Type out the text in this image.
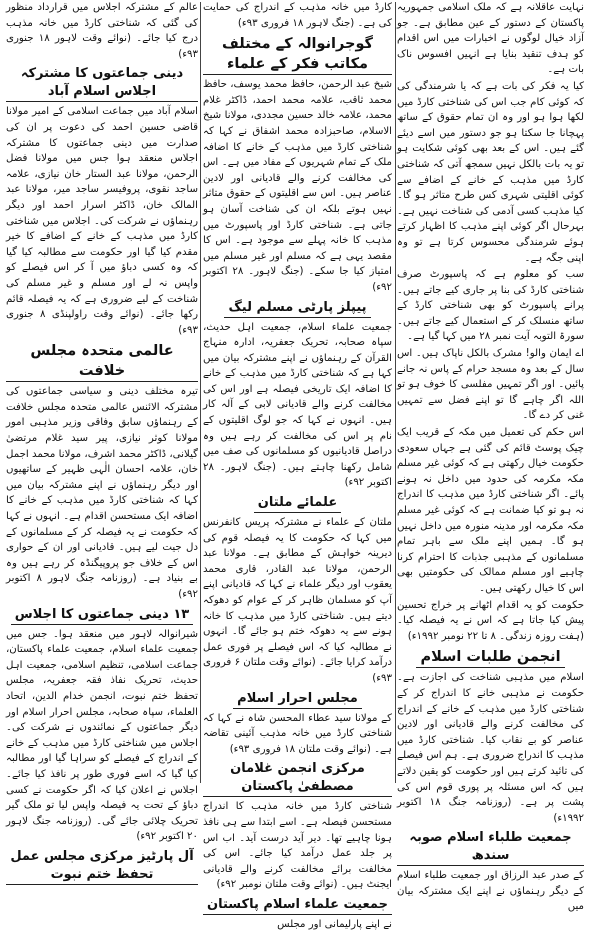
نہایت عاقلانہ ہے کہ ملک اسلامی جمہوریہ پاکستان کے دستور کے عین مطابق ہے۔ جو آزاد خیال لوگوں نے اخبارات میں اس اقدام کو ہدف تنقید بنایا ہے انہیں افسوس ناک بات ہے۔

کیا یہ فکر کی بات ہے کہ یا شرمندگی کی کہ کوئی کام جب اس کی شناختی کارڈ میں لکھا ہوا ہو اور وہ ان تمام حقوق کے ساتھ پہچانا جا سکتا ہو جو دستور میں اسے دیئے گئے ہیں۔ اس کے بعد بھی کوئی شکایت ہو تو یہ بات بالکل نہیں سمجھ آتی کہ شناختی کارڈ میں مذہب کے خانے کے اضافے سے کوئی اقلیتی شہری کس طرح متاثر ہو گا۔ کیا مذہب کسی آدمی کی شناخت نہیں ہے۔ بہرحال اگر کوئی اپنے مذہب کا اظہار کرتے ہوئے شرمندگی محسوس کرتا ہے تو وہ اپنی جگہ ہے۔

سب کو معلوم ہے کہ پاسپورٹ صرف شناختی کارڈ کی بنا پر جاری کیے جاتے ہیں۔ پرانے پاسپورٹ کو بھی شناختی کارڈ کے ساتھ منسلک کر کے استعمال کیے جاتے ہیں۔ سورۃ التوبہ آیت نمبر ۲۸ میں کہا گیا ہے۔

اے ایمان والو! مشرک بالکل ناپاک ہیں۔ اس سال کے بعد وہ مسجد حرام کے پاس نہ جانے پائیں۔ اور اگر تمہیں مفلسی کا خوف ہو تو اللہ اگر چاہے گا تو اپنے فضل سے تمہیں غنی کر دے گا۔

اس حکم کی تعمیل میں مکہ کے قریب ایک چیک پوسٹ قائم کی گئی ہے جہاں سعودی حکومت خیال رکھتی ہے کہ کوئی غیر مسلم مکہ مکرمہ کی حدود میں داخل نہ ہونے پائے۔ اگر شناختی کارڈ میں مذہب کا اندراج نہ ہو تو کیا ضمانت ہے کہ کوئی غیر مسلم مکہ مکرمہ اور مدینہ منورہ میں داخل نہیں ہو گا۔ ہمیں اپنے ملک سے باہر تمام مسلمانوں کے مذہبی جذبات کا احترام کرنا چاہیے اور مسلم ممالک کی حکومتیں بھی اس کا خیال رکھتی ہیں۔

حکومت کو یہ اقدام اٹھانے پر خراج تحسین پیش کیا جاتا ہے کہ اس نے یہ فیصلہ کیا۔ (ہفت روزہ زندگی۔ ۸ تا ۲۲ نومبر ۱۹۹۲ء)

انجمن طلبات اسلام

اسلام میں مذہبی شناخت کی اجازت ہے۔ حکومت نے مذہبی خانے کا اندراج کر کے شناختی کارڈ میں مذہب کے خانے کے اندراج کی مخالفت کرنے والے قادیانی اور لادین عناصر کو بے نقاب کیا۔ شناختی کارڈ میں مذہب کا اندراج ضروری ہے۔ ہم اس فیصلے کی تائید کرتے ہیں اور حکومت کو یقین دلاتے ہیں کہ اس مسئلہ پر پوری قوم اس کی پشت پر ہے۔ (روزنامہ جنگ ۱۸ اکتوبر ۱۹۹۲ء)

جمعیت طلباء اسلام صوبہ سندھ

کے صدر عبد الرزاق اور جمعیت طلباء اسلام کے دیگر رہنماؤں نے اپنے ایک مشترکہ بیان میں

کارڈ میں خانہ مذہب کے اندراج کی حمایت کی ہے۔ (جنگ لاہور ۱۸ فروری ۹۳ء)

گوجرانوالہ کے مختلف مکاتب فکر کے علماء

شیخ عبد الرحمن، حافظ محمد یوسف، حافظ محمد ثاقب، علامہ محمد احمد، ڈاکٹر غلام محمد، علامہ خالد حسین مجددی، مولانا شیخ الاسلام، صاحبزادہ محمد اشفاق نے کہا کہ شناختی کارڈ میں مذہب کے خانے کا اضافہ ملک کے تمام شہریوں کے مفاد میں ہے۔ اس کی مخالفت کرنے والے قادیانی اور لادین عناصر ہیں۔ اس سے اقلیتوں کے حقوق متاثر نہیں ہوتے بلکہ ان کی شناخت آسان ہو جاتی ہے۔ شناختی کارڈ اور پاسپورٹ میں مذہب کا خانہ پہلے سے موجود ہے۔ اس کا مقصد یہی ہے کہ مسلم اور غیر مسلم میں امتیاز کیا جا سکے۔ (جنگ لاہور۔ ۲۸ اکتوبر ۹۲ء)

پیپلز پارٹی مسلم لیگ

جمعیت علماء اسلام، جمعیت اہل حدیث، سپاہ صحابہ، تحریک جعفریہ، ادارہ منہاج القرآن کے رہنماؤں نے اپنے مشترکہ بیان میں کہا ہے کہ شناختی کارڈ میں مذہب کے خانے کا اضافہ ایک تاریخی فیصلہ ہے اور اس کی مخالفت کرنے والے قادیانی لابی کے آلہ کار ہیں۔ انہوں نے کہا کہ جو لوگ اقلیتوں کے نام پر اس کی مخالفت کر رہے ہیں وہ دراصل قادیانیوں کو مسلمانوں کی صف میں شامل رکھنا چاہتے ہیں۔ (جنگ لاہور۔ ۲۸ اکتوبر ۹۲ء)

علمائے ملتان

ملتان کے علماء نے مشترکہ پریس کانفرنس میں کہا کہ حکومت کا یہ فیصلہ قوم کی دیرینہ خواہش کے مطابق ہے۔ مولانا عبد الرحمن، مولانا عبد القادر، قاری محمد یعقوب اور دیگر علماء نے کہا کہ قادیانی اپنے آپ کو مسلمان ظاہر کر کے عوام کو دھوکہ دیتے ہیں۔ شناختی کارڈ میں مذہب کا خانہ ہونے سے یہ دھوکہ ختم ہو جائے گا۔ انہوں نے مطالبہ کیا کہ اس فیصلے پر فوری عمل درآمد کرایا جائے۔ (نوائے وقت ملتان ۶ فروری ۹۳ء)

مجلس احرار اسلام

کے مولانا سید عطاء المحسن شاہ نے کہا کہ شناختی کارڈ میں خانہ مذہب آئینی تقاضہ ہے۔ (نوائے وقت ملتان ۱۸ فروری ۹۳ء)

مرکزی انجمن غلامان مصطفیٰ پاکستان

شناختی کارڈ میں خانہ مذہب کا اندراج مستحسن فیصلہ ہے۔ اسے ابتدا سے ہی نافذ ہونا چاہیے تھا۔ دیر آید درست آید۔ اب اس پر جلد عمل درآمد کیا جائے۔ اس کی مخالفت برائے مخالفت کرنے والے قادیانی ایجنٹ ہیں۔ (نوائے وقت ملتان نومبر ۹۲ء)

جمعیت علماء اسلام پاکستان

نے اپنے پارلیمانی اور مجلس

عالم کے مشترکہ اجلاس میں قرارداد منظور کی گئی کہ شناختی کارڈ میں خانہ مذہب درج کیا جائے۔ (نوائے وقت لاہور ۱۸ جنوری ۹۳ء)

دینی جماعتوں کا مشترکہ اجلاس اسلام آباد

اسلام آباد میں جماعت اسلامی کے امیر مولانا قاضی حسین احمد کی دعوت پر ان کی صدارت میں دینی جماعتوں کا مشترکہ اجلاس منعقد ہوا جس میں مولانا فضل الرحمن، مولانا عبد الستار خان نیازی، علامہ ساجد نقوی، پروفیسر ساجد میر، مولانا عبد المالک خان، ڈاکٹر اسرار احمد اور دیگر رہنماؤں نے شرکت کی۔ اجلاس میں شناختی کارڈ میں مذہب کے خانے کے اضافے کا خیر مقدم کیا گیا اور حکومت سے مطالبہ کیا گیا کہ وہ کسی دباؤ میں آ کر اس فیصلے کو واپس نہ لے اور مسلم و غیر مسلم کی شناخت کے لیے ضروری ہے کہ یہ فیصلہ قائم رکھا جائے۔ (نوائے وقت راولپنڈی ۸ جنوری ۹۳ء)

عالمی متحدہ مجلس خلافت

تیرہ مختلف دینی و سیاسی جماعتوں کی مشترکہ الائنس عالمی متحدہ مجلس خلافت کے رہنماؤں سابق وفاقی وزیر مذہبی امور مولانا کوثر نیازی، پیر سید غلام مرتضیٰ گیلانی، ڈاکٹر محمد اشرف، مولانا محمد اجمل خان، علامہ احسان الٰہی ظہیر کے ساتھیوں اور دیگر رہنماؤں نے اپنے مشترکہ بیان میں کہا کہ شناختی کارڈ میں مذہب کے خانے کا اضافہ ایک مستحسن اقدام ہے۔ انہوں نے کہا کہ حکومت نے یہ فیصلہ کر کے مسلمانوں کے دل جیت لیے ہیں۔ قادیانی اور ان کے حواری اس کے خلاف جو پروپیگنڈہ کر رہے ہیں وہ بے بنیاد ہے۔ (روزنامہ جنگ لاہور ۸ اکتوبر ۹۲ء)

۱۳ دینی جماعتوں کا اجلاس

شیرانوالہ لاہور میں منعقد ہوا۔ جس میں جمعیت علماء اسلام، جمعیت علماء پاکستان، جماعت اسلامی، تنظیم اسلامی، جمعیت اہل حدیث، تحریک نفاذ فقہ جعفریہ، مجلس تحفظ ختم نبوت، انجمن خدام الدین، اتحاد العلماء، سپاہ صحابہ، مجلس احرار اسلام اور دیگر جماعتوں کے نمائندوں نے شرکت کی۔ اجلاس میں شناختی کارڈ میں مذہب کے خانے کے اندراج کے فیصلے کو سراہا گیا اور مطالبہ کیا گیا کہ اسے فوری طور پر نافذ کیا جائے۔ اجلاس نے اعلان کیا کہ اگر حکومت نے کسی دباؤ کے تحت یہ فیصلہ واپس لیا تو ملک گیر تحریک چلائی جائے گی۔ (روزنامہ جنگ لاہور ۲۰ اکتوبر ۹۲ء)

آل پارٹیز مرکزی مجلس عمل تحفظ ختم نبوت
